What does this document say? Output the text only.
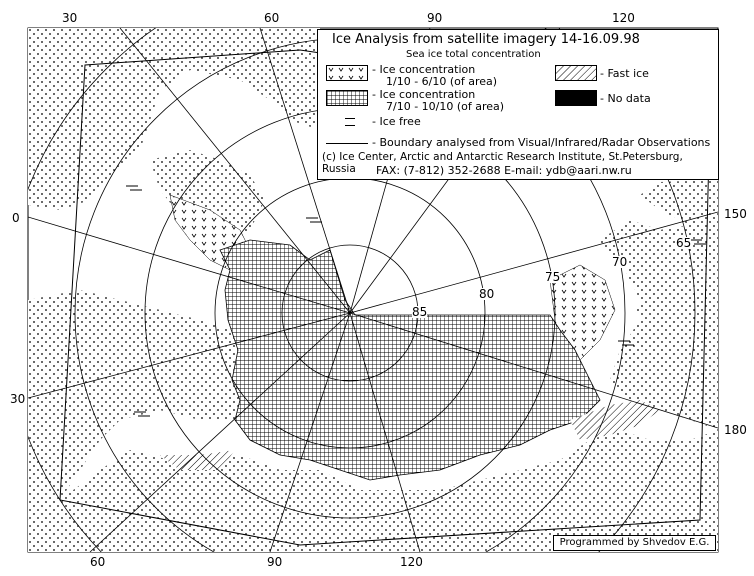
30	60	90	120
0	150
30
180
60	90	120
85
80
75
70
65
Ice Analysis from satellite imagery 14-16.09.98
Sea ice total concentration
- Ice concentration
1/10 - 6/10 (of area)
- Ice concentration
7/10 - 10/10 (of area)
- Ice free
- Fast ice
- No data
- Boundary analysed from Visual/Infrared/Radar Observations
(c) Ice Center, Arctic and Antarctic Research Institute, St.Petersburg, Russia	FAX: (7-812) 352-2688 E-mail: ydb@aari.nw.ru
Programmed by Shvedov E.G.
